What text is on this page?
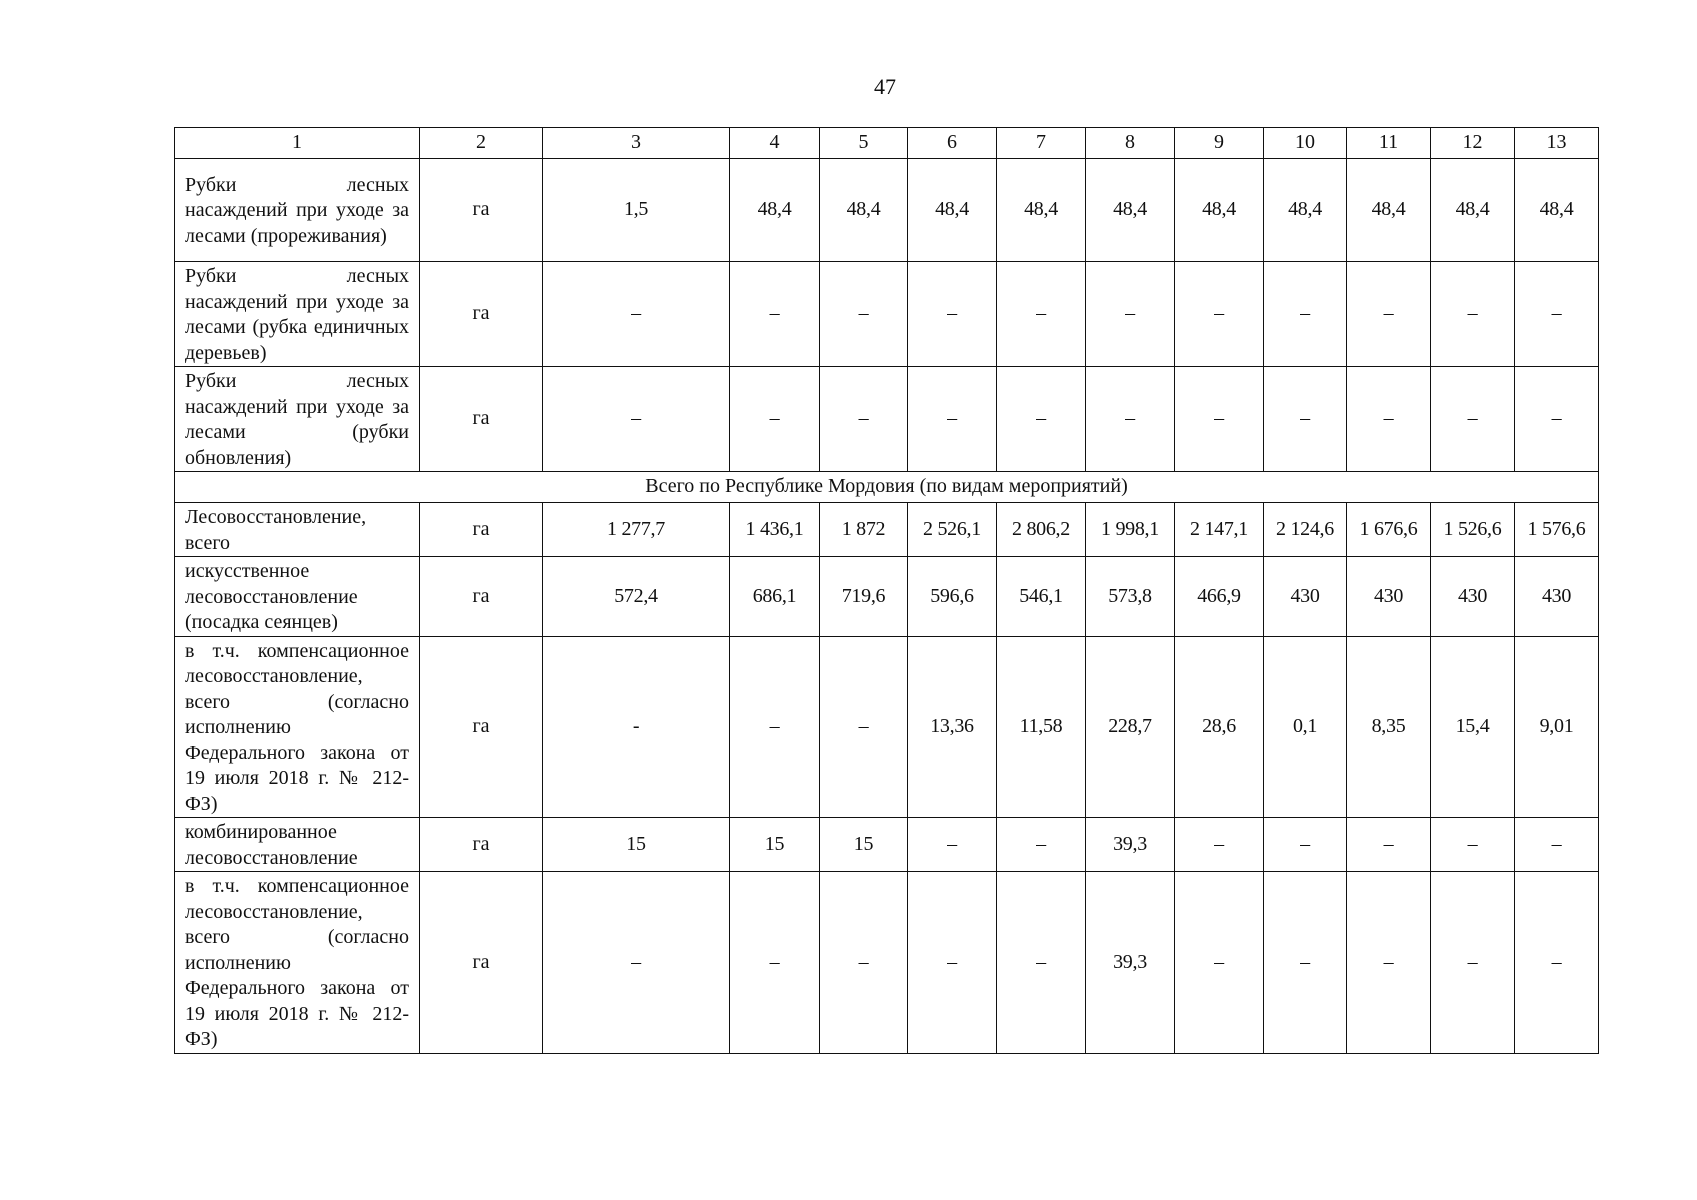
47
1	2	3	4	5	6	7	8	9	10	11	12	13
Рубки лесных насаждений при уходе за лесами (прореживания)	га	1,5	48,4	48,4	48,4	48,4	48,4	48,4	48,4	48,4	48,4	48,4
Рубки лесных насаждений при уходе за лесами (рубка единичных деревьев)	га	–	–	–	–	–	–	–	–	–	–	–
Рубки лесных насаждений при уходе за лесами (рубки обновления)	га	–	–	–	–	–	–	–	–	–	–	–
Всего по Республике Мордовия (по видам мероприятий)												
Лесовосстановление, всего	га	1 277,7	1 436,1	1 872	2 526,1	2 806,2	1 998,1	2 147,1	2 124,6	1 676,6	1 526,6	1 576,6
искусственное лесовосстановление (посадка сеянцев)	га	572,4	686,1	719,6	596,6	546,1	573,8	466,9	430	430	430	430
в т.ч. компенсационное лесовосстановление, всего (согласно исполнению Федерального закона от 19 июля 2018 г. № 212-ФЗ)	га	-	–	–	13,36	11,58	228,7	28,6	0,1	8,35	15,4	9,01
комбинированное лесовосстановление	га	15	15	15	–	–	39,3	–	–	–	–	–
в т.ч. компенсационное лесовосстановление, всего (согласно исполнению Федерального закона от 19 июля 2018 г. № 212-ФЗ)	га	–	–	–	–	–	39,3	–	–	–	–	–
